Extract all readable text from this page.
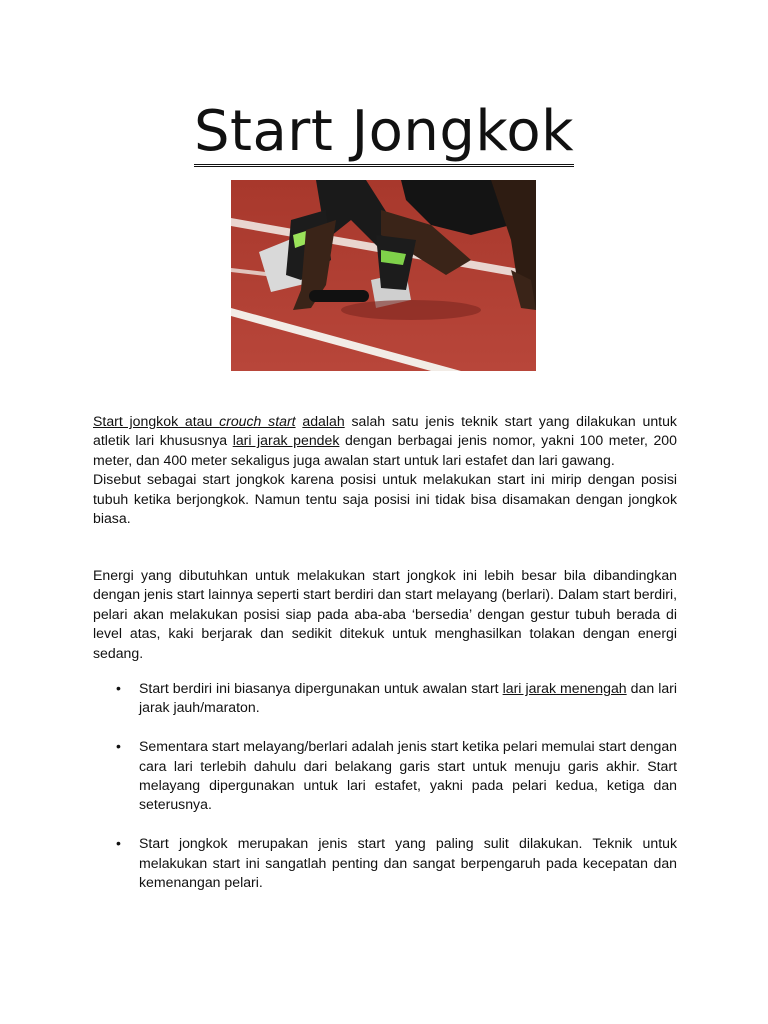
Start Jongkok

Start jongkok atau crouch start adalah salah satu jenis teknik start yang dilakukan untuk atletik lari khususnya lari jarak pendek dengan berbagai jenis nomor, yakni 100 meter, 200 meter, dan 400 meter sekaligus juga awalan start untuk lari estafet dan lari gawang.

Disebut sebagai start jongkok karena posisi untuk melakukan start ini mirip dengan posisi tubuh ketika berjongkok. Namun tentu saja posisi ini tidak bisa disamakan dengan jongkok biasa.

Energi yang dibutuhkan untuk melakukan start jongkok ini lebih besar bila dibandingkan dengan jenis start lainnya seperti start berdiri dan start melayang (berlari). Dalam start berdiri, pelari akan melakukan posisi siap pada aba-aba ‘bersedia’ dengan gestur tubuh berada di level atas, kaki berjarak dan sedikit ditekuk untuk menghasilkan tolakan dengan energi sedang.

• Start berdiri ini biasanya dipergunakan untuk awalan start lari jarak menengah dan lari jarak jauh/maraton.
• Sementara start melayang/berlari adalah jenis start ketika pelari memulai start dengan cara lari terlebih dahulu dari belakang garis start untuk menuju garis akhir. Start melayang dipergunakan untuk lari estafet, yakni pada pelari kedua, ketiga dan seterusnya.
• Start jongkok merupakan jenis start yang paling sulit dilakukan. Teknik untuk melakukan start ini sangatlah penting dan sangat berpengaruh pada kecepatan dan kemenangan pelari.
